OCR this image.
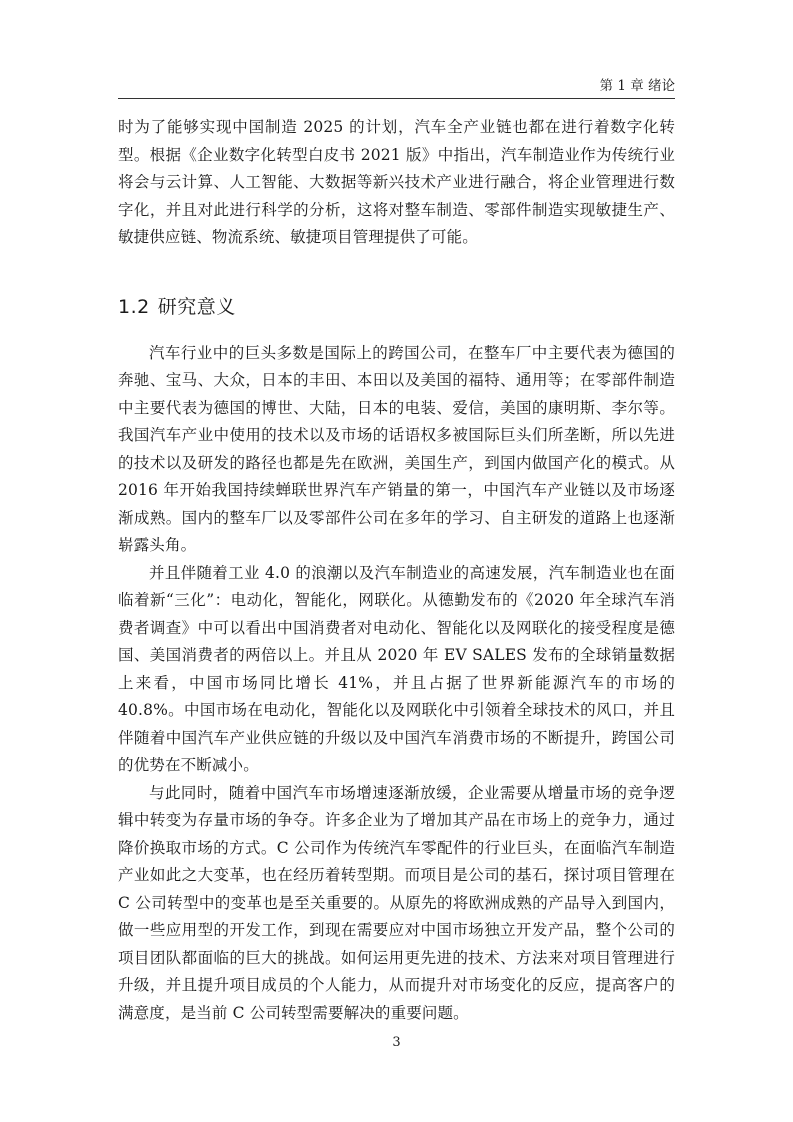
第 1 章 绪论

时为了能够实现中国制造 2025 的计划，汽车全产业链也都在进行着数字化转型。根据《企业数字化转型白皮书 2021 版》中指出，汽车制造业作为传统行业将会与云计算、人工智能、大数据等新兴技术产业进行融合，将企业管理进行数字化，并且对此进行科学的分析，这将对整车制造、零部件制造实现敏捷生产、敏捷供应链、物流系统、敏捷项目管理提供了可能。

1.2 研究意义

汽车行业中的巨头多数是国际上的跨国公司，在整车厂中主要代表为德国的奔驰、宝马、大众，日本的丰田、本田以及美国的福特、通用等；在零部件制造中主要代表为德国的博世、大陆，日本的电装、爱信，美国的康明斯、李尔等。我国汽车产业中使用的技术以及市场的话语权多被国际巨头们所垄断，所以先进的技术以及研发的路径也都是先在欧洲，美国生产，到国内做国产化的模式。从 2016 年开始我国持续蝉联世界汽车产销量的第一，中国汽车产业链以及市场逐渐成熟。国内的整车厂以及零部件公司在多年的学习、自主研发的道路上也逐渐崭露头角。

并且伴随着工业 4.0 的浪潮以及汽车制造业的高速发展，汽车制造业也在面临着新“三化”：电动化，智能化，网联化。从德勤发布的《2020 年全球汽车消费者调查》中可以看出中国消费者对电动化、智能化以及网联化的接受程度是德国、美国消费者的两倍以上。并且从 2020 年 EV SALES 发布的全球销量数据上来看，中国市场同比增长 41%，并且占据了世界新能源汽车的市场的 40.8%。中国市场在电动化，智能化以及网联化中引领着全球技术的风口，并且伴随着中国汽车产业供应链的升级以及中国汽车消费市场的不断提升，跨国公司的优势在不断减小。

与此同时，随着中国汽车市场增速逐渐放缓，企业需要从增量市场的竞争逻辑中转变为存量市场的争夺。许多企业为了增加其产品在市场上的竞争力，通过降价换取市场的方式。C 公司作为传统汽车零配件的行业巨头，在面临汽车制造产业如此之大变革，也在经历着转型期。而项目是公司的基石，探讨项目管理在 C 公司转型中的变革也是至关重要的。从原先的将欧洲成熟的产品导入到国内，做一些应用型的开发工作，到现在需要应对中国市场独立开发产品，整个公司的项目团队都面临的巨大的挑战。如何运用更先进的技术、方法来对项目管理进行升级，并且提升项目成员的个人能力，从而提升对市场变化的反应，提高客户的满意度，是当前 C 公司转型需要解决的重要问题。

3
